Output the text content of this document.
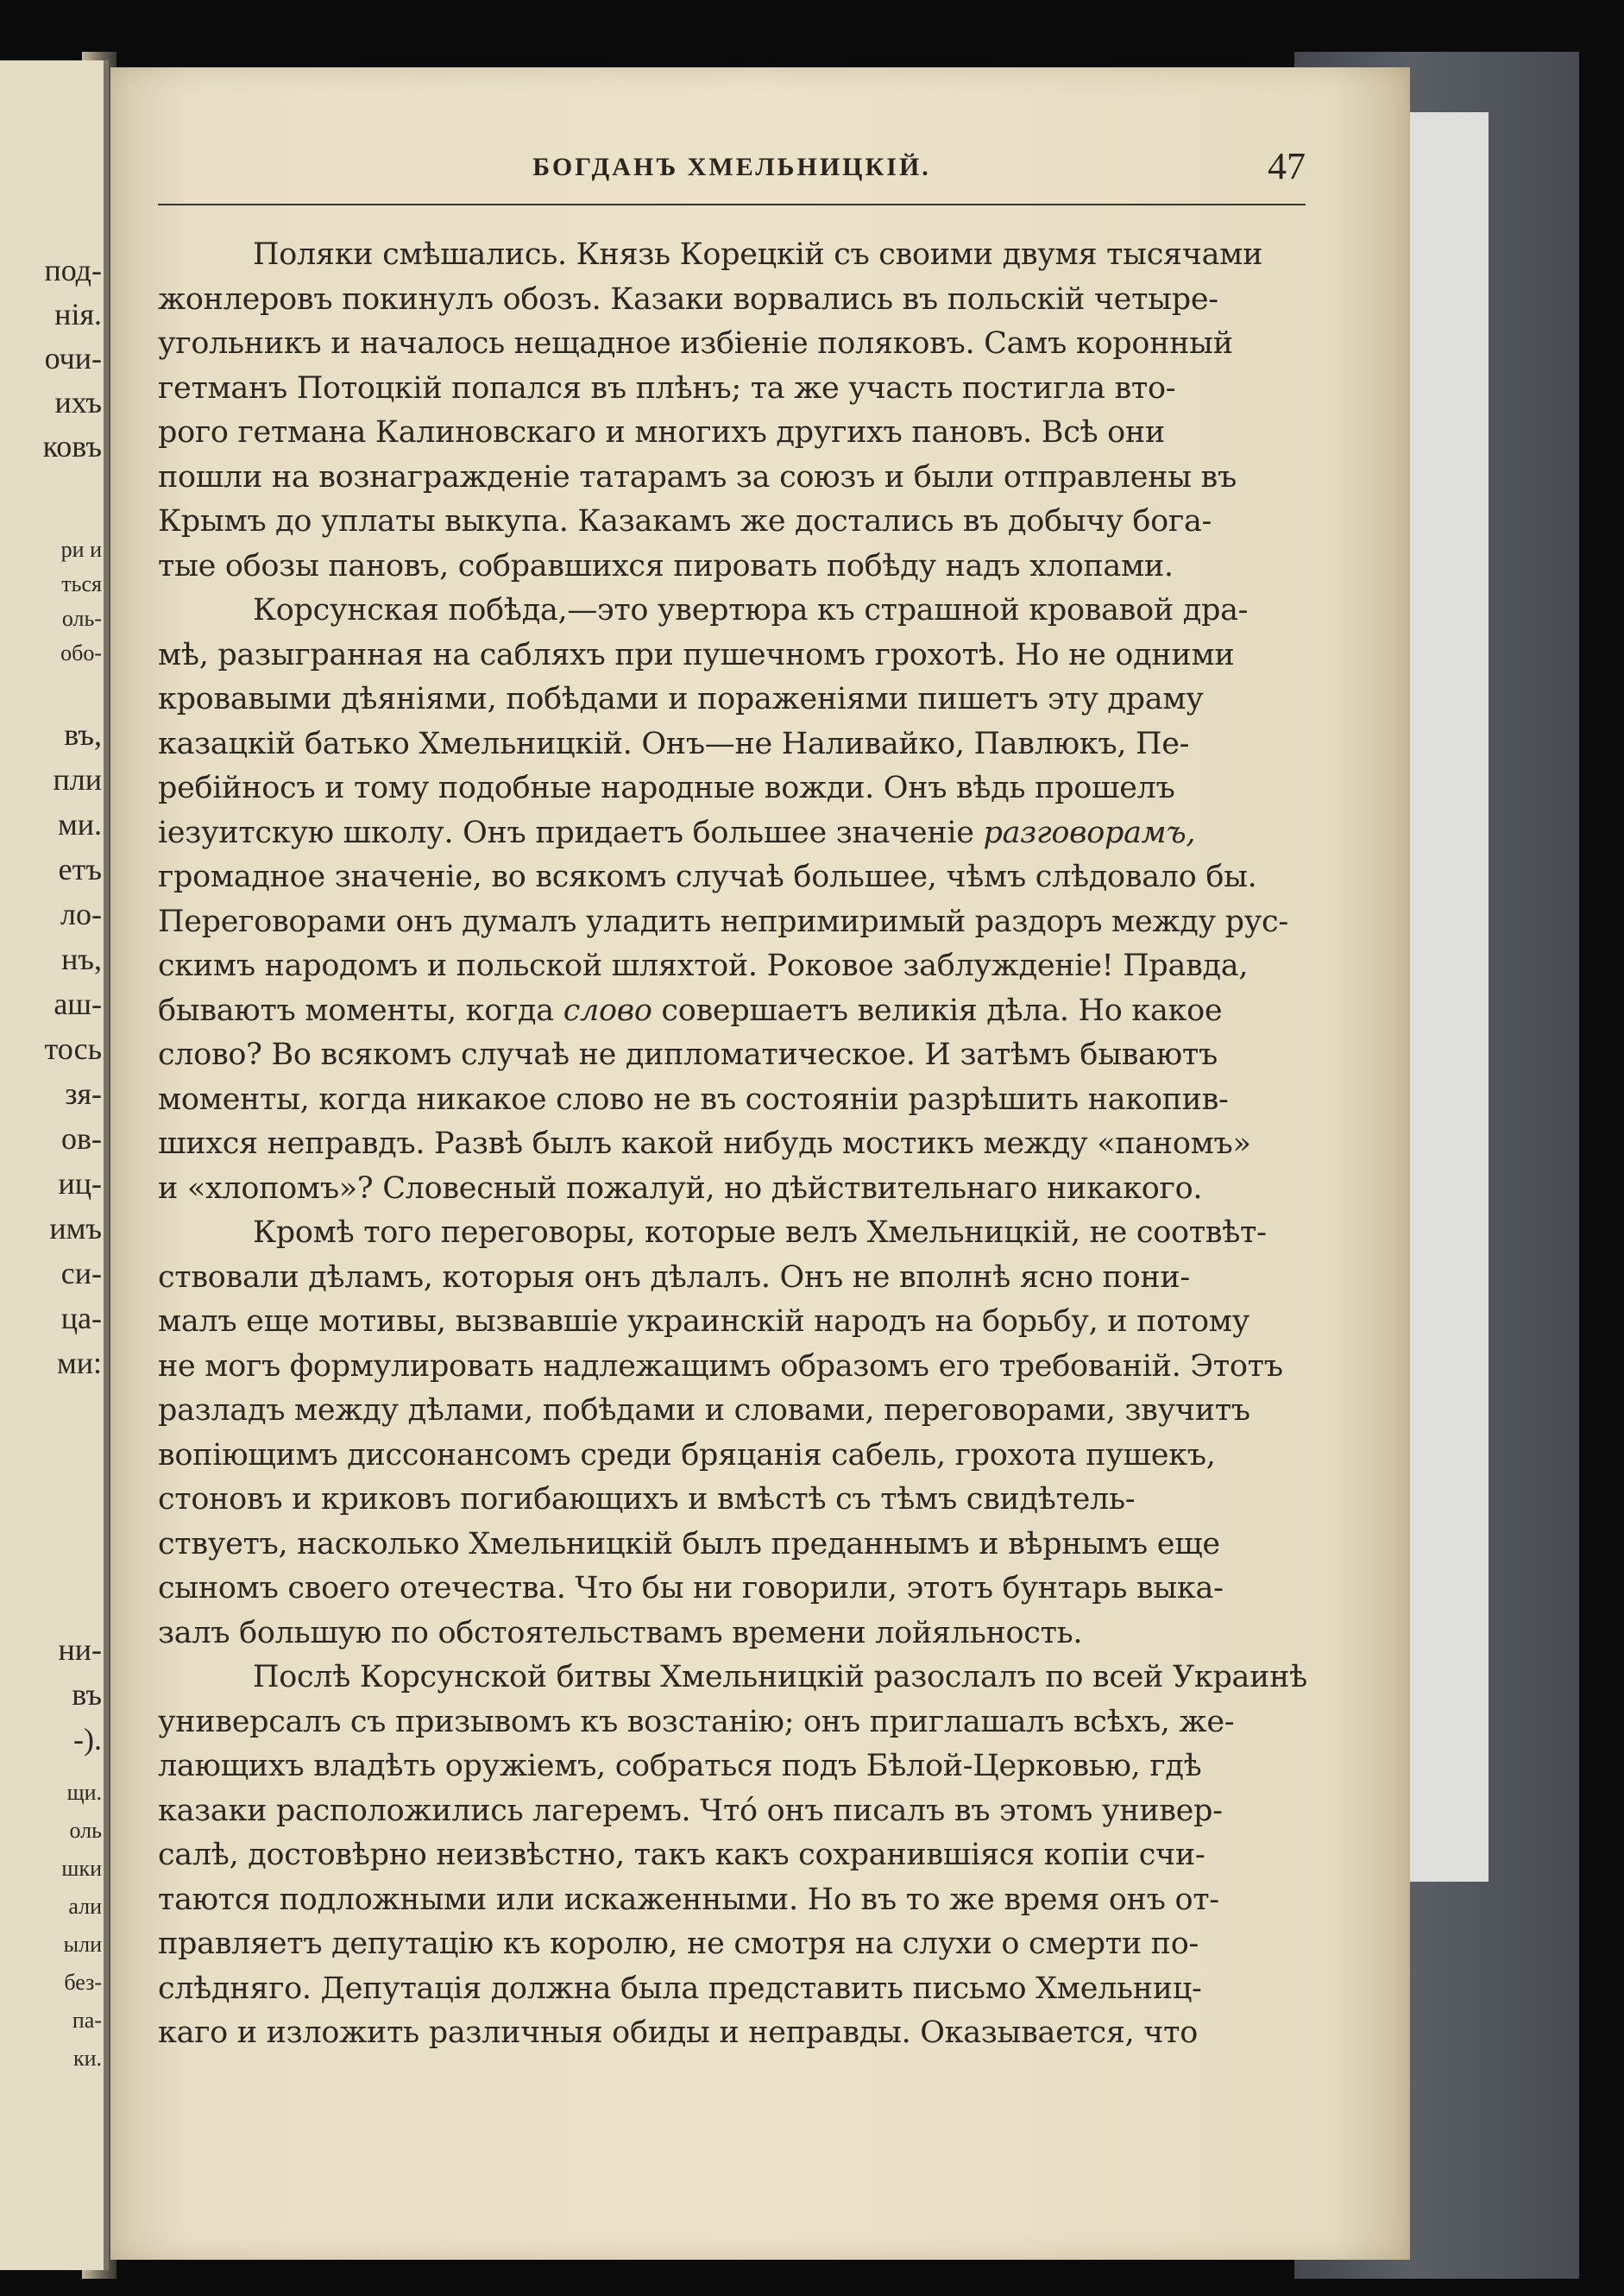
под-
нія.
очи-
ихъ
ковъ
ри и
ться
оль-
обо-
въ,
пли
ми.
етъ
ло-
нъ,
аш-
тось
зя-
ов-
иц-
имъ
си-
ца-
ми:
ни-
въ
-).
щи.
оль
шки
али
ыли
без-
па-
ки.
БОГДАНЪ ХМЕЛЬНИЦКІЙ.	47
Поляки смѣшались. Князь Корецкій съ своими двумя тысячами
жонлеровъ покинулъ обозъ. Казаки ворвались въ польскій четыре-
угольникъ и началось нещадное избіеніе поляковъ. Самъ коронный
гетманъ Потоцкій попался въ плѣнъ; та же участь постигла вто-
рого гетмана Калиновскаго и многихъ другихъ пановъ. Всѣ они
пошли на вознагражденіе татарамъ за союзъ и были отправлены въ
Крымъ до уплаты выкупа. Казакамъ же достались въ добычу бога-
тые обозы пановъ, собравшихся пировать побѣду надъ хлопами.
Корсунская побѣда,—это увертюра къ страшной кровавой дра-
мѣ, разыгранная на сабляхъ при пушечномъ грохотѣ. Но не одними
кровавыми дѣяніями, побѣдами и пораженіями пишетъ эту драму
казацкій батько Хмельницкій. Онъ—не Наливайко, Павлюкъ, Пе-
ребійносъ и тому подобные народные вожди. Онъ вѣдь прошелъ
іезуитскую школу. Онъ придаетъ большее значеніе разговорамъ,
громадное значеніе, во всякомъ случаѣ большее, чѣмъ слѣдовало бы.
Переговорами онъ думалъ уладить непримиримый раздоръ между рус-
скимъ народомъ и польской шляхтой. Роковое заблужденіе! Правда,
бываютъ моменты, когда слово совершаетъ великія дѣла. Но какое
слово? Во всякомъ случаѣ не дипломатическое. И затѣмъ бываютъ
моменты, когда никакое слово не въ состояніи разрѣшить накопив-
шихся неправдъ. Развѣ былъ какой нибудь мостикъ между «паномъ»
и «хлопомъ»? Словесный пожалуй, но дѣйствительнаго никакого.
Кромѣ того переговоры, которые велъ Хмельницкій, не соотвѣт-
ствовали дѣламъ, которыя онъ дѣлалъ. Онъ не вполнѣ ясно пони-
малъ еще мотивы, вызвавшіе украинскій народъ на борьбу, и потому
не могъ формулировать надлежащимъ образомъ его требованій. Этотъ
разладъ между дѣлами, побѣдами и словами, переговорами, звучитъ
вопіющимъ диссонансомъ среди бряцанія сабель, грохота пушекъ,
стоновъ и криковъ погибающихъ и вмѣстѣ съ тѣмъ свидѣтель-
ствуетъ, насколько Хмельницкій былъ преданнымъ и вѣрнымъ еще
сыномъ своего отечества. Что бы ни говорили, этотъ бунтарь выка-
залъ большую по обстоятельствамъ времени лойяльность.
Послѣ Корсунской битвы Хмельницкій разослалъ по всей Украинѣ
универсалъ съ призывомъ къ возстанію; онъ приглашалъ всѣхъ, же-
лающихъ владѣть оружіемъ, собраться подъ Бѣлой-Церковью, гдѣ
казаки расположились лагеремъ. Что́ онъ писалъ въ этомъ универ-
салѣ, достовѣрно неизвѣстно, такъ какъ сохранившіяся копіи счи-
таются подложными или искаженными. Но въ то же время онъ от-
правляетъ депутацію къ королю, не смотря на слухи о смерти по-
слѣдняго. Депутація должна была представить письмо Хмельниц-
каго и изложить различныя обиды и неправды. Оказывается, что
